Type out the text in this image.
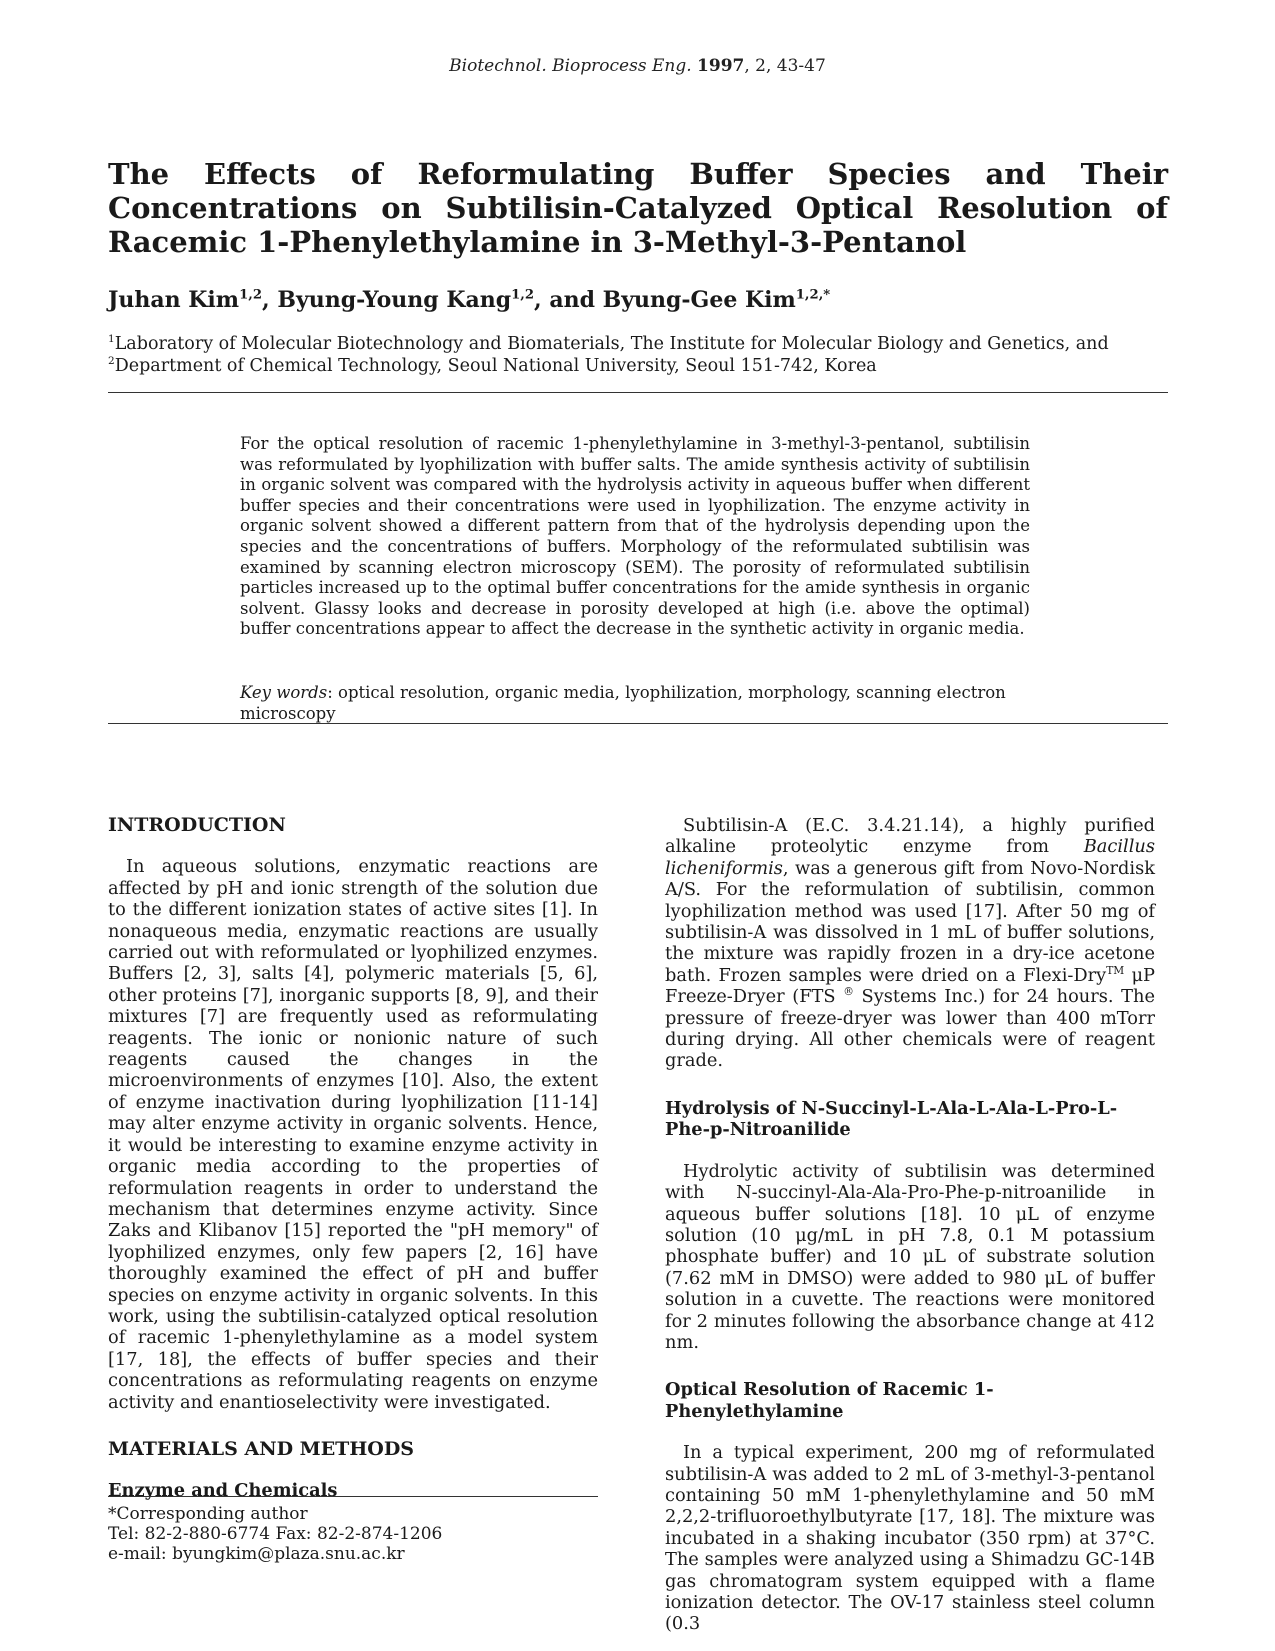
Biotechnol. Bioprocess Eng. 1997, 2, 43-47
The Effects of Reformulating Buffer Species and Their Concentrations on Subtilisin-Catalyzed Optical Resolution of Racemic 1-Phenylethylamine in 3-Methyl-3-Pentanol
Juhan Kim$^{1,2}$, Byung-Young Kang$^{1,2}$, and Byung-Gee Kim$^{1,2,*}$

$^1$Laboratory of Molecular Biotechnology and Biomaterials, The Institute for Molecular Biology and Genetics, and

$^2$Department of Chemical Technology, Seoul National University, Seoul 151-742, Korea

For the optical resolution of racemic 1-phenylethylamine in 3-methyl-3-pentanol, subtilisin was reformulated by lyophilization with buffer salts. The amide synthesis activity of subtilisin in organic solvent was compared with the hydrolysis activity in aqueous buffer when different buffer species and their concentrations were used in lyophilization. The enzyme activity in organic solvent showed a different pattern from that of the hydrolysis depending upon the species and the concentrations of buffers. Morphology of the reformulated subtilisin was examined by scanning electron microscopy (SEM). The porosity of reformulated subtilisin particles increased up to the optimal buffer concentrations for the amide synthesis in organic solvent. Glassy looks and decrease in porosity developed at high (i.e. above the optimal) buffer concentrations appear to affect the decrease in the synthetic activity in organic media.

Key words: optical resolution, organic media, lyophilization, morphology, scanning electron microscopy
INTRODUCTION

In aqueous solutions, enzymatic reactions are affected by pH and ionic strength of the solution due to the different ionization states of active sites [1]. In nonaqueous media, enzymatic reactions are usually carried out with reformulated or lyophilized enzymes. Buffers [2, 3], salts [4], polymeric materials [5, 6], other proteins [7], inorganic supports [8, 9], and their mixtures [7] are frequently used as reformulating reagents. The ionic or nonionic nature of such reagents caused the changes in the microenvironments of enzymes [10]. Also, the extent of enzyme inactivation during lyophilization [11-14] may alter enzyme activity in organic solvents. Hence, it would be interesting to examine enzyme activity in organic media according to the properties of reformulation reagents in order to understand the mechanism that determines enzyme activity. Since Zaks and Klibanov [15] reported the "pH memory" of lyophilized enzymes, only few papers [2, 16] have thoroughly examined the effect of pH and buffer species on enzyme activity in organic solvents. In this work, using the subtilisin-catalyzed optical resolution of racemic 1-phenylethylamine as a model system [17, 18], the effects of buffer species and their concentrations as reformulating reagents on enzyme activity and enantioselectivity were investigated.

MATERIALS AND METHODS
Enzyme and Chemicals
*Corresponding author
Tel: 82-2-880-6774 Fax: 82-2-874-1206
e-mail: byungkim@plaza.snu.ac.kr

Subtilisin-A (E.C. 3.4.21.14), a highly purified alkaline proteolytic enzyme from Bacillus licheniformis, was a generous gift from Novo-Nordisk A/S. For the reformulation of subtilisin, common lyophilization method was used [17]. After 50 mg of subtilisin-A was dissolved in 1 mL of buffer solutions, the mixture was rapidly frozen in a dry-ice acetone bath. Frozen samples were dried on a Flexi-Dry™ μP Freeze-Dryer (FTS ® Systems Inc.) for 24 hours. The pressure of freeze-dryer was lower than 400 mTorr during drying. All other chemicals were of reagent grade.

Hydrolysis of N-Succinyl-L-Ala-L-Ala-L-Pro-L-Phe-p-Nitroanilide

Hydrolytic activity of subtilisin was determined with N-succinyl-Ala-Ala-Pro-Phe-p-nitroanilide in aqueous buffer solutions [18]. 10 μL of enzyme solution (10 μg/mL in pH 7.8, 0.1 M potassium phosphate buffer) and 10 μL of substrate solution (7.62 mM in DMSO) were added to 980 μL of buffer solution in a cuvette. The reactions were monitored for 2 minutes following the absorbance change at 412 nm.

Optical Resolution of Racemic 1-Phenylethylamine

In a typical experiment, 200 mg of reformulated subtilisin-A was added to 2 mL of 3-methyl-3-pentanol containing 50 mM 1-phenylethylamine and 50 mM 2,2,2-trifluoroethylbutyrate [17, 18]. The mixture was incubated in a shaking incubator (350 rpm) at 37°C. The samples were analyzed using a Shimadzu GC-14B gas chromatogram system equipped with a flame ionization detector. The OV-17 stainless steel column (0.3
